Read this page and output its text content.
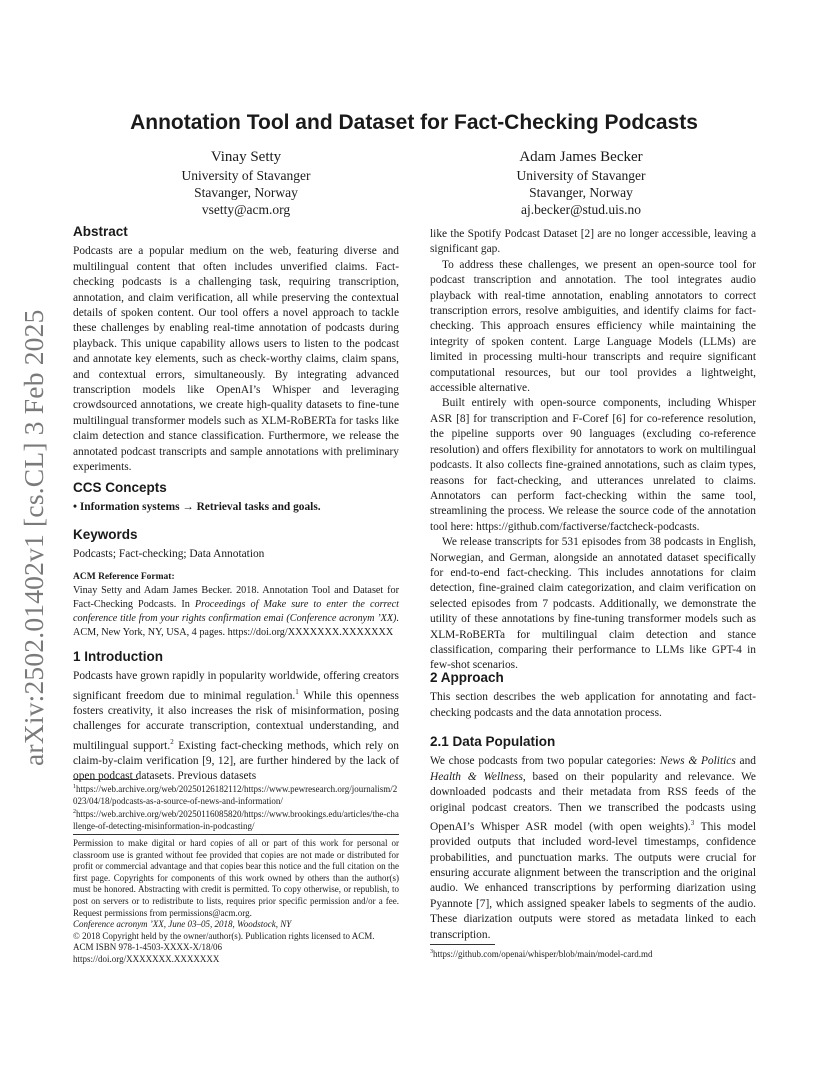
arXiv:2502.01402v1 [cs.CL] 3 Feb 2025
Annotation Tool and Dataset for Fact-Checking Podcasts
Vinay Setty
University of Stavanger
Stavanger, Norway
vsetty@acm.org
Adam James Becker
University of Stavanger
Stavanger, Norway
aj.becker@stud.uis.no
Abstract

Podcasts are a popular medium on the web, featuring diverse and multilingual content that often includes unverified claims. Fact-checking podcasts is a challenging task, requiring transcription, annotation, and claim verification, all while preserving the contextual details of spoken content. Our tool offers a novel approach to tackle these challenges by enabling real-time annotation of podcasts during playback. This unique capability allows users to listen to the podcast and annotate key elements, such as check-worthy claims, claim spans, and contextual errors, simultaneously. By integrating advanced transcription models like OpenAI’s Whisper and leveraging crowdsourced annotations, we create high-quality datasets to fine-tune multilingual transformer models such as XLM-RoBERTa for tasks like claim detection and stance classification. Furthermore, we release the annotated podcast transcripts and sample annotations with preliminary experiments.

CCS Concepts

• Information systems → Retrieval tasks and goals.

Keywords

Podcasts; Fact-checking; Data Annotation

ACM Reference Format:

Vinay Setty and Adam James Becker. 2018. Annotation Tool and Dataset for Fact-Checking Podcasts. In Proceedings of Make sure to enter the correct conference title from your rights confirmation emai (Conference acronym ’XX). ACM, New York, NY, USA, 4 pages. https://doi.org/XXXXXXX.XXXXXXX

1 Introduction

Podcasts have grown rapidly in popularity worldwide, offering creators significant freedom due to minimal regulation.$^1$ While this openness fosters creativity, it also increases the risk of misinformation, posing challenges for accurate transcription, contextual understanding, and multilingual support.$^2$ Existing fact-checking methods, which rely on claim-by-claim verification [9, 12], are further hindered by the lack of open podcast datasets. Previous datasets

$^1$https://web.archive.org/web/20250126182112/https://www.pewresearch.org/journalism/2023/04/18/podcasts-as-a-source-of-news-and-information/
$^2$https://web.archive.org/web/20250116085820/https://www.brookings.edu/articles/the-challenge-of-detecting-misinformation-in-podcasting/

Permission to make digital or hard copies of all or part of this work for personal or classroom use is granted without fee provided that copies are not made or distributed for profit or commercial advantage and that copies bear this notice and the full citation on the first page. Copyrights for components of this work owned by others than the author(s) must be honored. Abstracting with credit is permitted. To copy otherwise, or republish, to post on servers or to redistribute to lists, requires prior specific permission and/or a fee. Request permissions from permissions@acm.org.

Conference acronym ’XX, June 03–05, 2018, Woodstock, NY

© 2018 Copyright held by the owner/author(s). Publication rights licensed to ACM.

ACM ISBN 978-1-4503-XXXX-X/18/06

https://doi.org/XXXXXXX.XXXXXXX

like the Spotify Podcast Dataset [2] are no longer accessible, leaving a significant gap.

To address these challenges, we present an open-source tool for podcast transcription and annotation. The tool integrates audio playback with real-time annotation, enabling annotators to correct transcription errors, resolve ambiguities, and identify claims for fact-checking. This approach ensures efficiency while maintaining the integrity of spoken content. Large Language Models (LLMs) are limited in processing multi-hour transcripts and require significant computational resources, but our tool provides a lightweight, accessible alternative.

Built entirely with open-source components, including Whisper ASR [8] for transcription and F-Coref [6] for co-reference resolution, the pipeline supports over 90 languages (excluding co-reference resolution) and offers flexibility for annotators to work on multilingual podcasts. It also collects fine-grained annotations, such as claim types, reasons for fact-checking, and utterances unrelated to claims. Annotators can perform fact-checking within the same tool, streamlining the process. We release the source code of the annotation tool here: https://github.com/factiverse/factcheck-podcasts.

We release transcripts for 531 episodes from 38 podcasts in English, Norwegian, and German, alongside an annotated dataset specifically for end-to-end fact-checking. This includes annotations for claim detection, fine-grained claim categorization, and claim verification on selected episodes from 7 podcasts. Additionally, we demonstrate the utility of these annotations by fine-tuning transformer models such as XLM-RoBERTa for multilingual claim detection and stance classification, comparing their performance to LLMs like GPT-4 in few-shot scenarios.

2 Approach

This section describes the web application for annotating and fact-checking podcasts and the data annotation process.

2.1 Data Population

We chose podcasts from two popular categories: News & Politics and Health & Wellness, based on their popularity and relevance. We downloaded podcasts and their metadata from RSS feeds of the original podcast creators. Then we transcribed the podcasts using OpenAI’s Whisper ASR model (with open weights).$^3$ This model provided outputs that included word-level timestamps, confidence probabilities, and punctuation marks. The outputs were crucial for ensuring accurate alignment between the transcription and the original audio. We enhanced transcriptions by performing diarization using Pyannote [7], which assigned speaker labels to segments of the audio. These diarization outputs were stored as metadata linked to each transcription.

$^3$https://github.com/openai/whisper/blob/main/model-card.md
